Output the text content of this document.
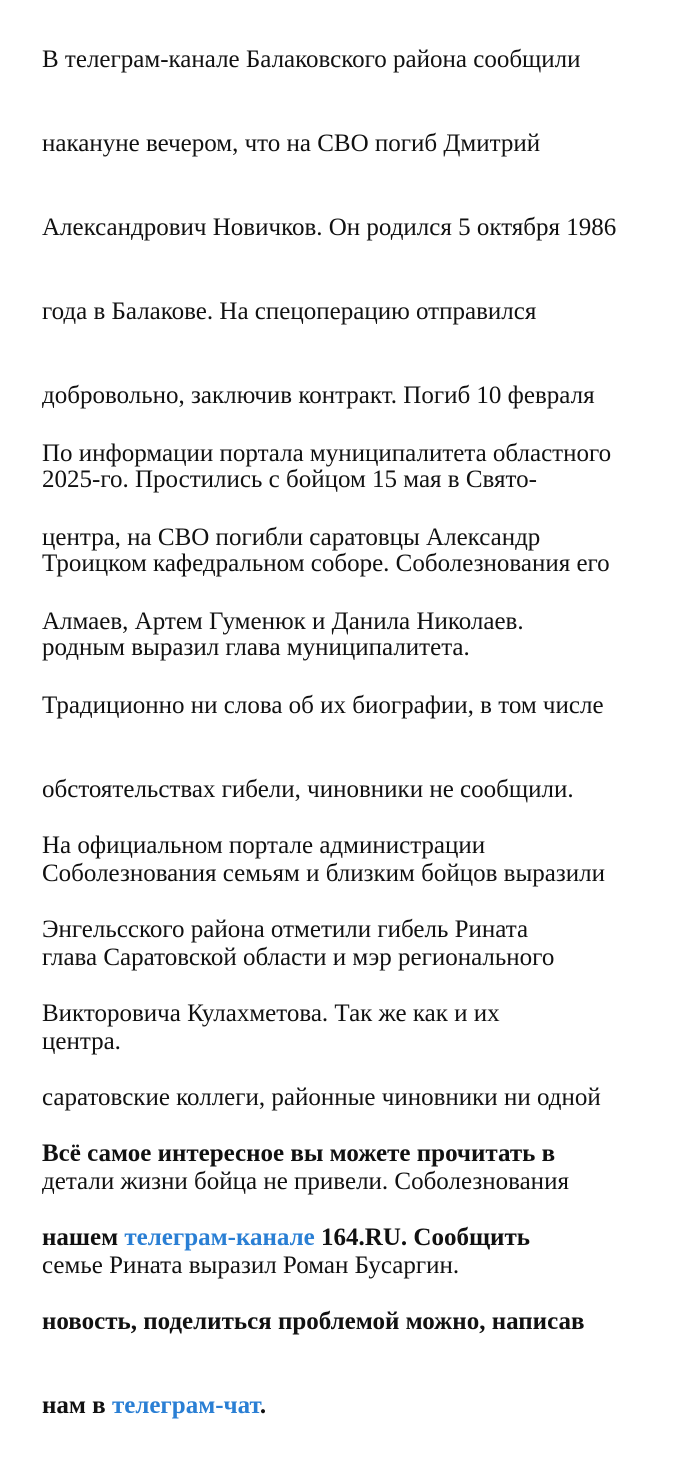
В телеграм-канале Балаковского района сообщили

накануне вечером, что на СВО погиб Дмитрий

Александрович Новичков. Он родился 5 октября 1986

года в Балакове. На спецоперацию отправился

добровольно, заключив контракт. Погиб 10 февраля

2025-го. Простились с бойцом 15 мая в Свято-

Троицком кафедральном соборе. Соболезнования его

родным выразил глава муниципалитета.

По информации портала муниципалитета областного

центра, на СВО погибли саратовцы Александр

Алмаев, Артем Гуменюк и Данила Николаев.

Традиционно ни слова об их биографии, в том числе

обстоятельствах гибели, чиновники не сообщили.

Соболезнования семьям и близким бойцов выразили

глава Саратовской области и мэр регионального

центра.

На официальном портале администрации

Энгельсского района отметили гибель Рината

Викторовича Кулахметова. Так же как и их

саратовские коллеги, районные чиновники ни одной

детали жизни бойца не привели. Соболезнования

семье Рината выразил Роман Бусаргин.

Всё самое интересное вы можете прочитать в

нашем телеграм-канале 164.RU. Сообщить

новость, поделиться проблемой можно, написав

нам в телеграм-чат.
